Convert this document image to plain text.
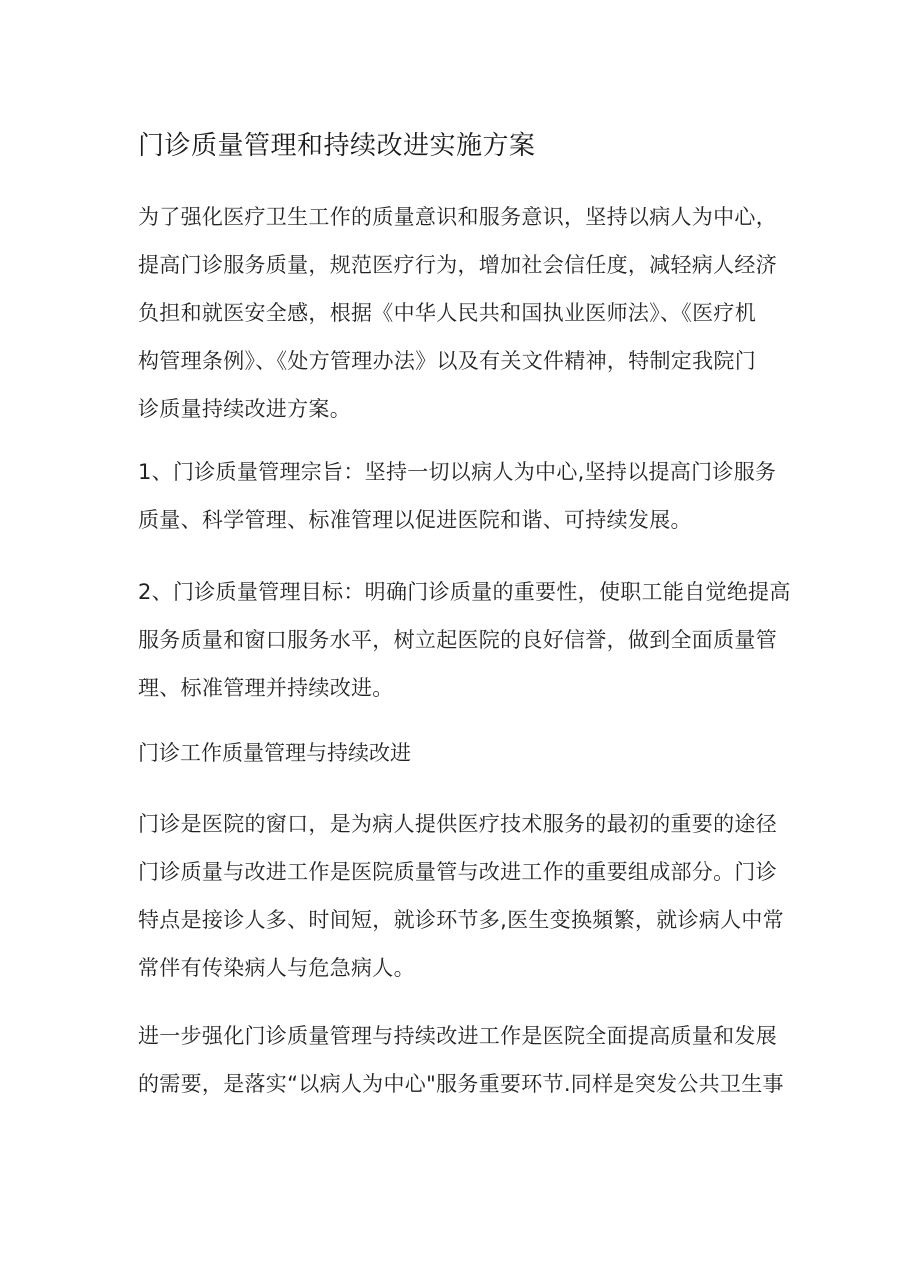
门诊质量管理和持续改进实施方案
为了强化医疗卫生工作的质量意识和服务意识，坚持以病人为中心，
提高门诊服务质量，规范医疗行为，增加社会信任度，减轻病人经济
负担和就医安全感，根据《中华人民共和国执业医师法》、《医疗机
构管理条例》、《处方管理办法》以及有关文件精神，特制定我院门
诊质量持续改进方案。
1、门诊质量管理宗旨：坚持一切以病人为中心,坚持以提高门诊服务
质量、科学管理、标准管理以促进医院和谐、可持续发展。
2、门诊质量管理目标：明确门诊质量的重要性，使职工能自觉绝提高
服务质量和窗口服务水平，树立起医院的良好信誉，做到全面质量管
理、标准管理并持续改进。
门诊工作质量管理与持续改进
门诊是医院的窗口，是为病人提供医疗技术服务的最初的重要的途径
门诊质量与改进工作是医院质量管与改进工作的重要组成部分。门诊
特点是接诊人多、时间短，就诊环节多,医生变换頻繁，就诊病人中常
常伴有传染病人与危急病人。
进一步强化门诊质量管理与持续改进工作是医院全面提高质量和发展
的需要，是落实“以病人为中心"服务重要环节.同样是突发公共卫生事
